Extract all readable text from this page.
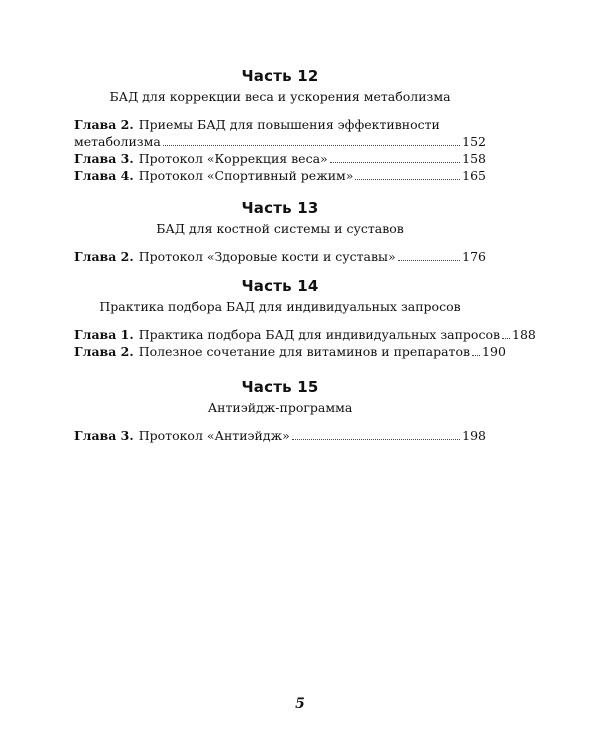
Часть 12
БАД для коррекции веса и ускорения метаболизма
Глава 2. Приемы БАД для повышения эффективности
метаболизма	152
Глава 3. Протокол «Коррекция веса»	158
Глава 4. Протокол «Спортивный режим»	165
Часть 13
БАД для костной системы и суставов
Глава 2. Протокол «Здоровые кости и суставы»	176
Часть 14
Практика подбора БАД для индивидуальных запросов
Глава 1. Практика подбора БАД для индивидуальных запросов 188
Глава 2. Полезное сочетание для витаминов и препаратов 190
Часть 15
Антиэйдж-программа
Глава 3. Протокол «Антиэйдж»	198
5
